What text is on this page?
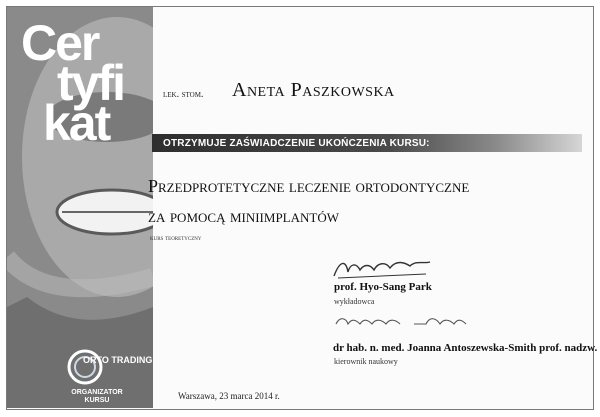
Cer
tyfi
kat
ORTO TRADING
ORGANIZATOR KURSU
lek. stom. Aneta Paszkowska
OTRZYMUJE ZAŚWIADCZENIE UKOŃCZENIA KURSU:
Przedprotetyczne leczenie ortodontyczne
za pomocą miniimplantów
kurs teoretyczny
prof. Hyo-Sang Park
wykładowca
dr hab. n. med. Joanna Antoszewska-Smith prof. nadzw.
kierownik naukowy
Warszawa, 23 marca 2014 r.
